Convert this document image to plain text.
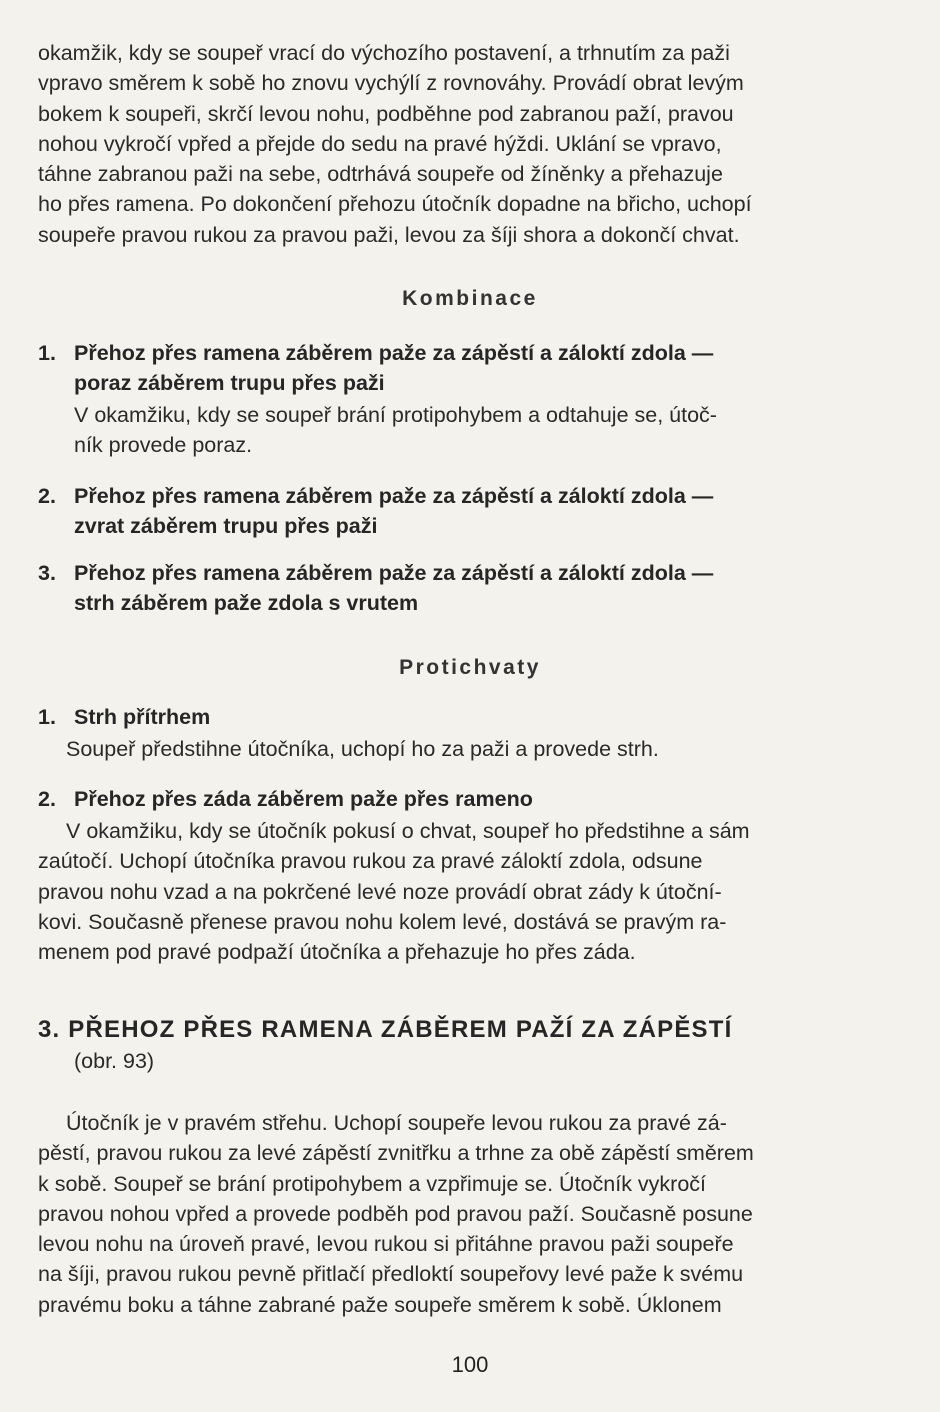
okamžik, kdy se soupeř vrací do výchozího postavení, a trhnutím za paži
vpravo směrem k sobě ho znovu vychýlí z rovnováhy. Provádí obrat levým
bokem k soupeři, skrčí levou nohu, podběhne pod zabranou paží, pravou
nohou vykročí vpřed a přejde do sedu na pravé hýždi. Uklání se vpravo,
táhne zabranou paži na sebe, odtrhává soupeře od žíněnky a přehazuje
ho přes ramena. Po dokončení přehozu útočník dopadne na břicho, uchopí
soupeře pravou rukou za pravou paži, levou za šíji shora a dokončí chvat.
Kombinace
1. Přehoz přes ramena záběrem paže za zápěstí a záloktí zdola —
poraz záběrem trupu přes paži
V okamžiku, kdy se soupeř brání protipohybem a odtahuje se, útoč-
ník provede poraz.
2. Přehoz přes ramena záběrem paže za zápěstí a záloktí zdola —
zvrat záběrem trupu přes paži
3. Přehoz přes ramena záběrem paže za zápěstí a záloktí zdola —
strh záběrem paže zdola s vrutem
Protichvaty
1. Strh přítrhem
Soupeř předstihne útočníka, uchopí ho za paži a provede strh.
2. Přehoz přes záda záběrem paže přes rameno
V okamžiku, kdy se útočník pokusí o chvat, soupeř ho předstihne a sám
zaútočí. Uchopí útočníka pravou rukou za pravé záloktí zdola, odsune
pravou nohu vzad a na pokrčené levé noze provádí obrat zády k útoční-
kovi. Současně přenese pravou nohu kolem levé, dostává se pravým ra-
menem pod pravé podpaží útočníka a přehazuje ho přes záda.
3. PŘEHOZ PŘES RAMENA ZÁBĚREM PAŽÍ ZA ZÁPĚSTÍ
(obr. 93)
Útočník je v pravém střehu. Uchopí soupeře levou rukou za pravé zá-
pěstí, pravou rukou za levé zápěstí zvnitřku a trhne za obě zápěstí směrem
k sobě. Soupeř se brání protipohybem a vzpřimuje se. Útočník vykročí
pravou nohou vpřed a provede podběh pod pravou paží. Současně posune
levou nohu na úroveň pravé, levou rukou si přitáhne pravou paži soupeře
na šíji, pravou rukou pevně přitlačí předloktí soupeřovy levé paže k svému
pravému boku a táhne zabrané paže soupeře směrem k sobě. Úklonem
100
